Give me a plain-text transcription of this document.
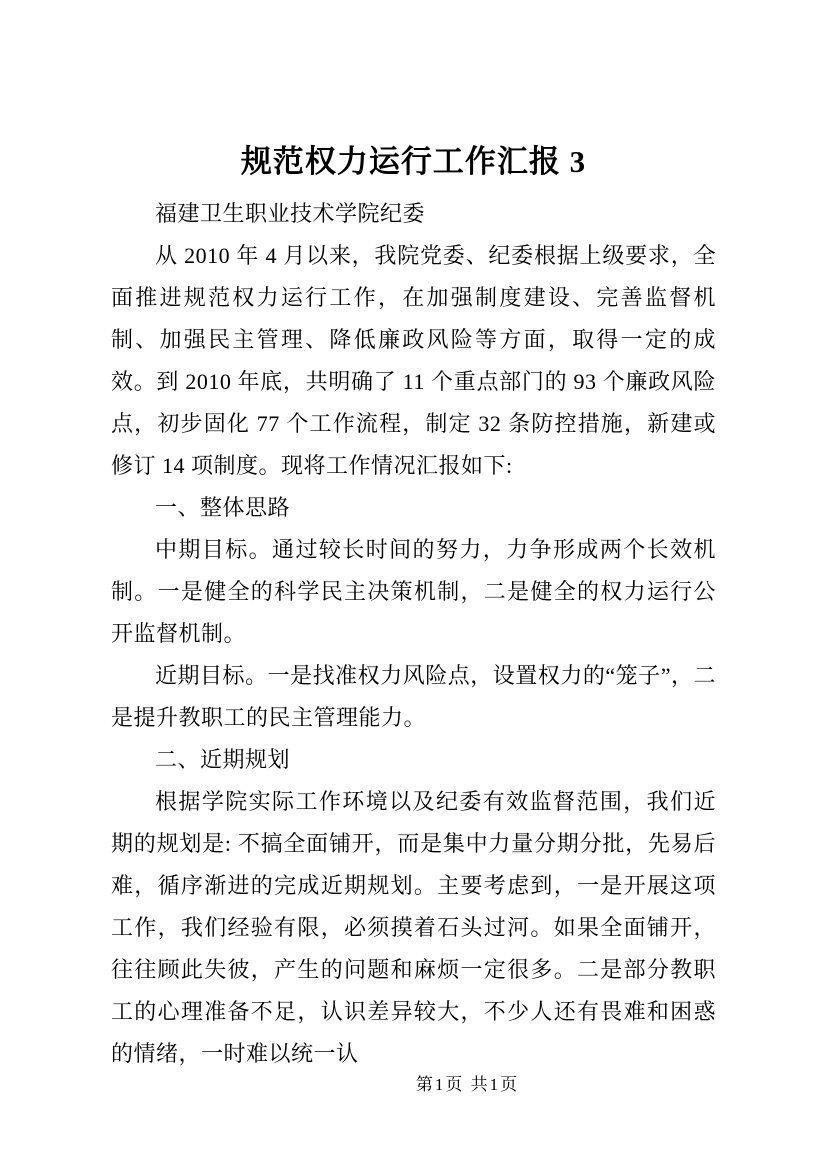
规范权力运行工作汇报 3

福建卫生职业技术学院纪委

从 2010 年 4 月以来，我院党委、纪委根据上级要求，全面推进规范权力运行工作，在加强制度建设、完善监督机制、加强民主管理、降低廉政风险等方面，取得一定的成效。到 2010 年底，共明确了 11 个重点部门的 93 个廉政风险点，初步固化 77 个工作流程，制定 32 条防控措施，新建或修订 14 项制度。现将工作情况汇报如下:

一、整体思路

中期目标。通过较长时间的努力，力争形成两个长效机制。一是健全的科学民主决策机制，二是健全的权力运行公开监督机制。

近期目标。一是找准权力风险点，设置权力的“笼子”，二是提升教职工的民主管理能力。

二、近期规划

根据学院实际工作环境以及纪委有效监督范围，我们近期的规划是: 不搞全面铺开，而是集中力量分期分批，先易后难，循序渐进的完成近期规划。主要考虑到，一是开展这项工作，我们经验有限，必须摸着石头过河。如果全面铺开，往往顾此失彼，产生的问题和麻烦一定很多。二是部分教职工的心理准备不足，认识差异较大，不少人还有畏难和困惑的情绪，一时难以统一认

第1页 共1页
